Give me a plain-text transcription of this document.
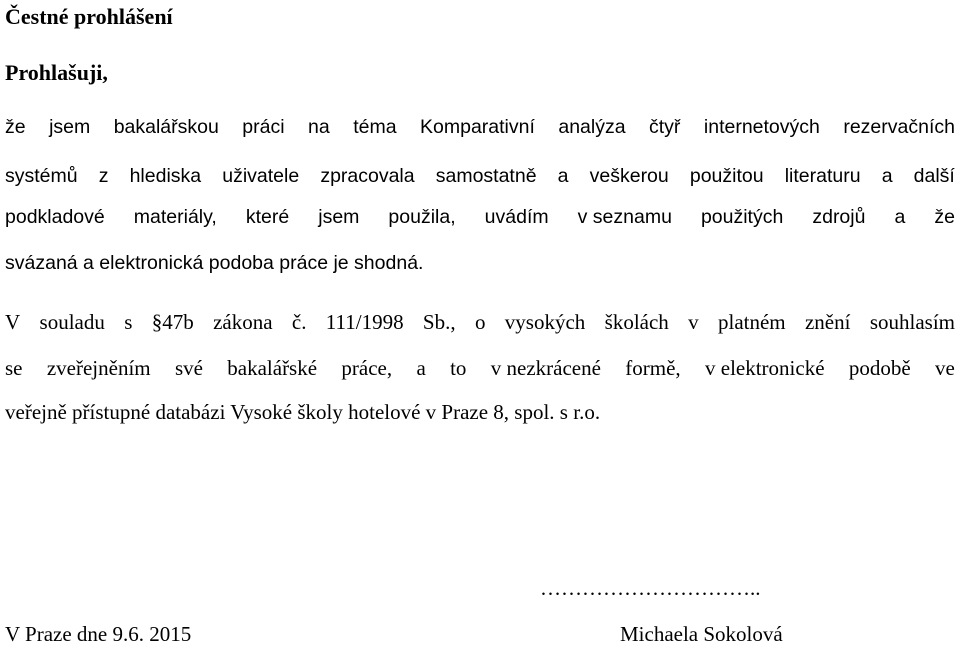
Čestné prohlášení
Prohlašuji,
že jsem bakalářskou práci na téma Komparativní analýza čtyř internetových rezervačních
systémů z hlediska uživatele zpracovala samostatně a veškerou použitou literaturu a další
podkladové materiály, které jsem použila, uvádím v seznamu použitých zdrojů a že
svázaná a elektronická podoba práce je shodná.
V souladu s §47b zákona č. 111/1998 Sb., o vysokých školách v platném znění souhlasím
se zveřejněním své bakalářské práce, a to v nezkrácené formě, v elektronické podobě ve
veřejně přístupné databázi Vysoké školy hotelové v Praze 8, spol. s r.o.
…………………………..
V Praze dne 9.6. 2015	Michaela Sokolová
